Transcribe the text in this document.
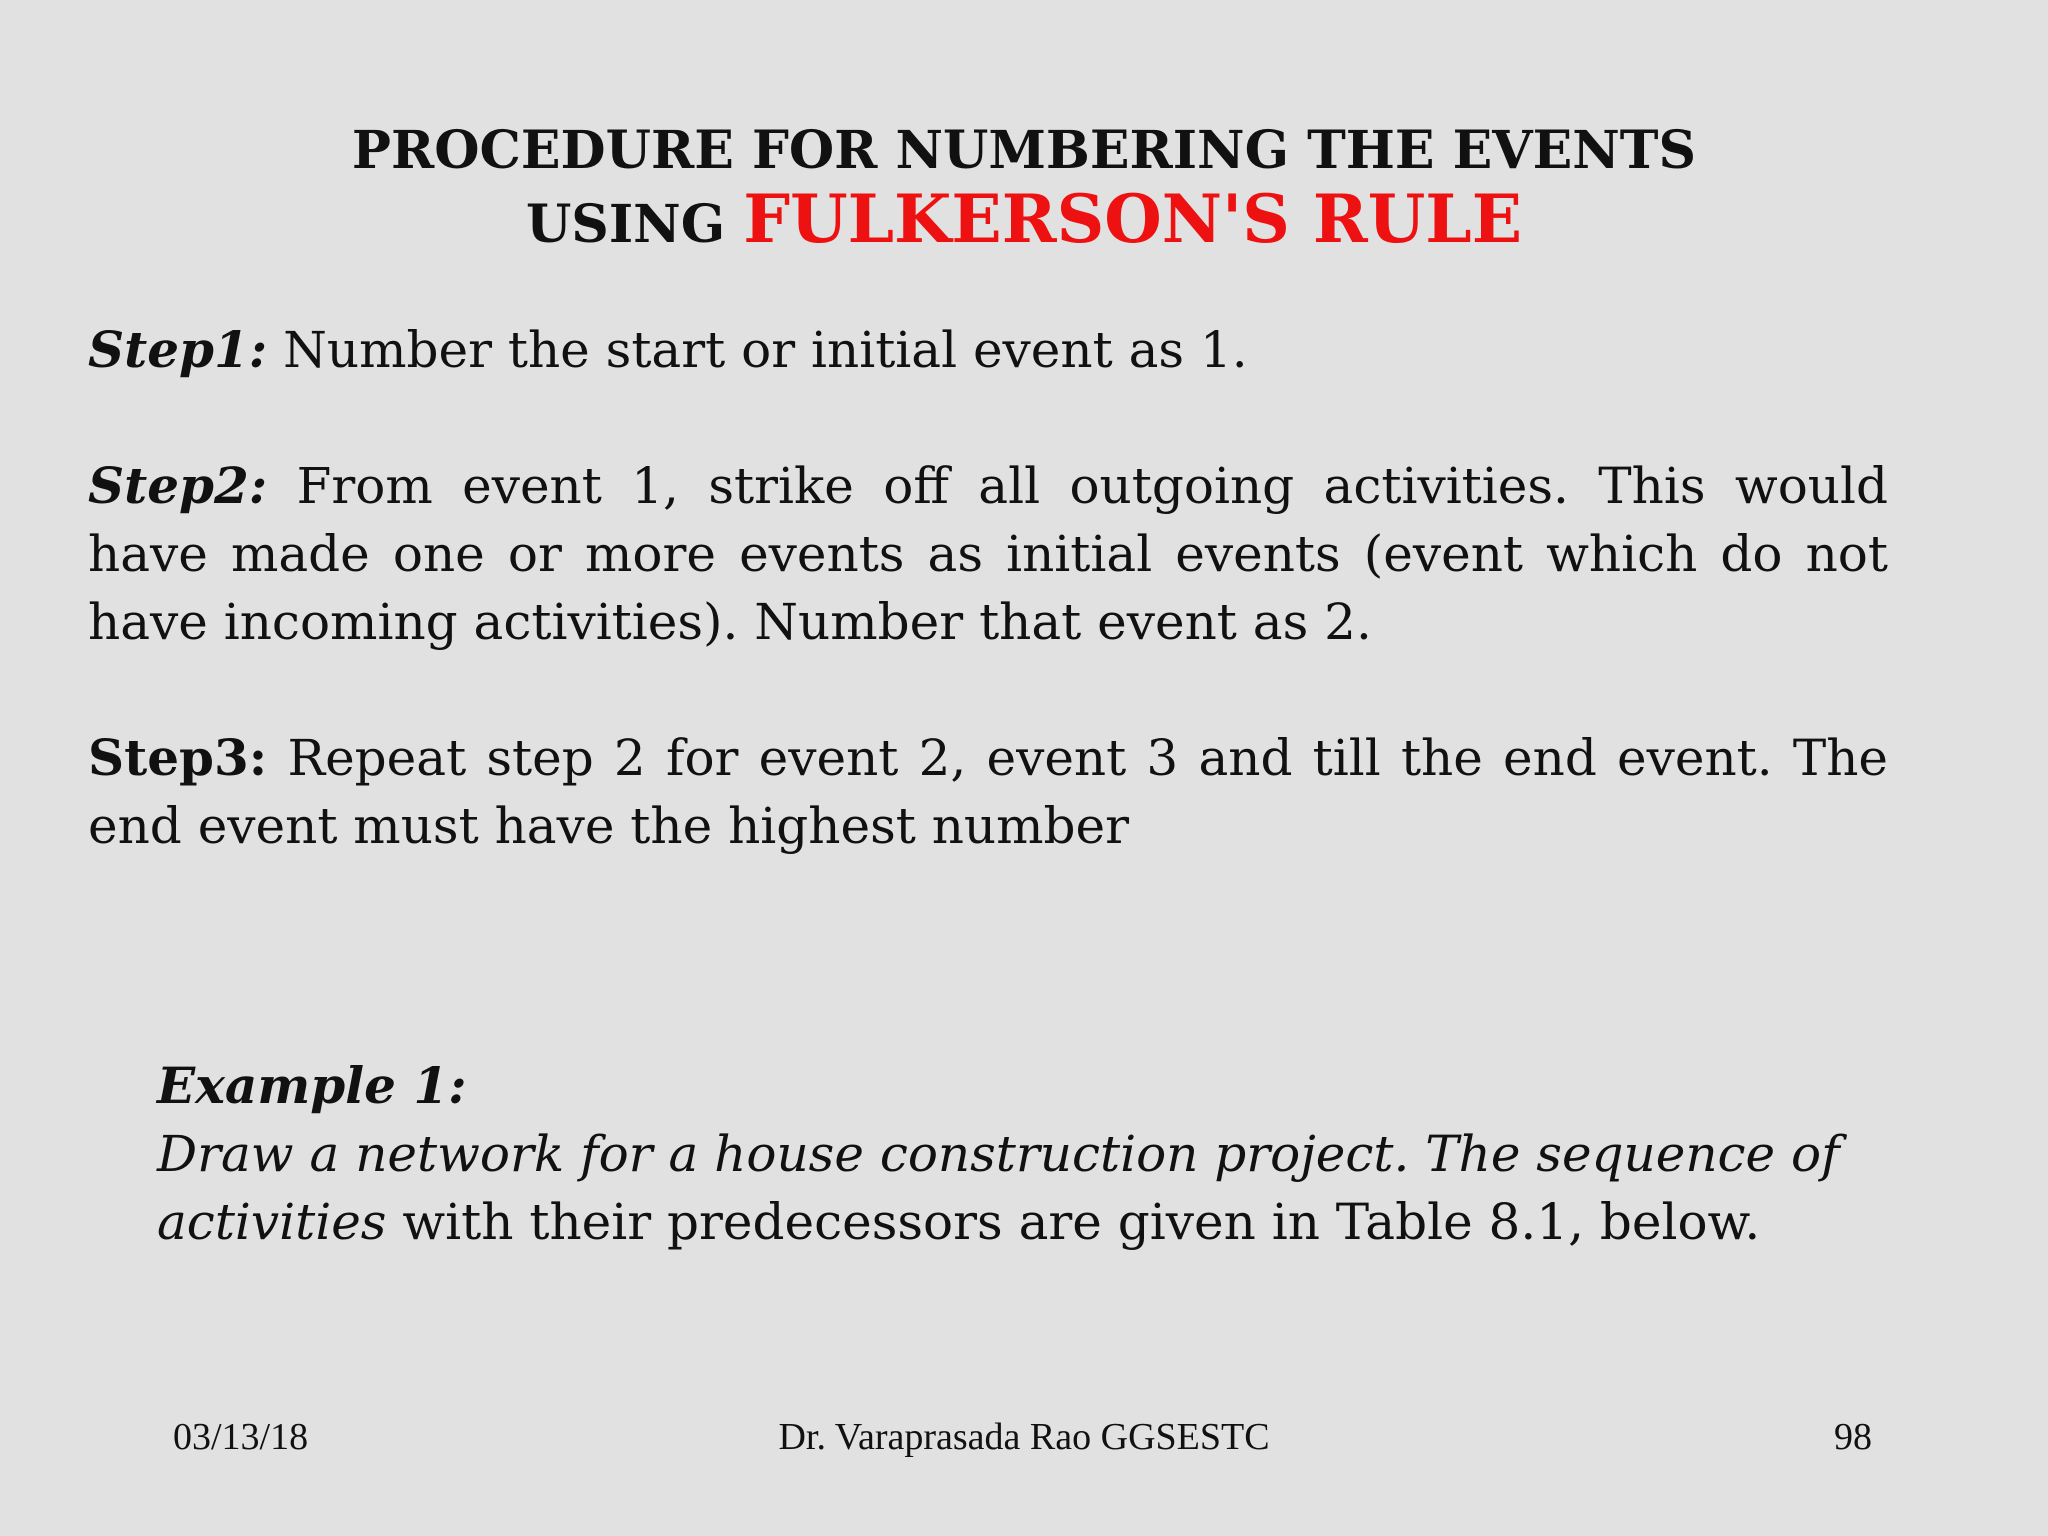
PROCEDURE FOR NUMBERING THE EVENTS
USING FULKERSON'S RULE

Step1: Number the start or initial event as 1.

Step2: From event 1, strike off all outgoing activities. This would have made one or more events as initial events (event which do not have incoming activities). Number that event as 2.

Step3: Repeat step 2 for event 2, event 3 and till the end event. The end event must have the highest number

Example 1:
Draw a network for a house construction project. The sequence of activities with their predecessors are given in Table 8.1, below.
Dr. Varaprasada Rao GGSESTC
03/13/18	98
